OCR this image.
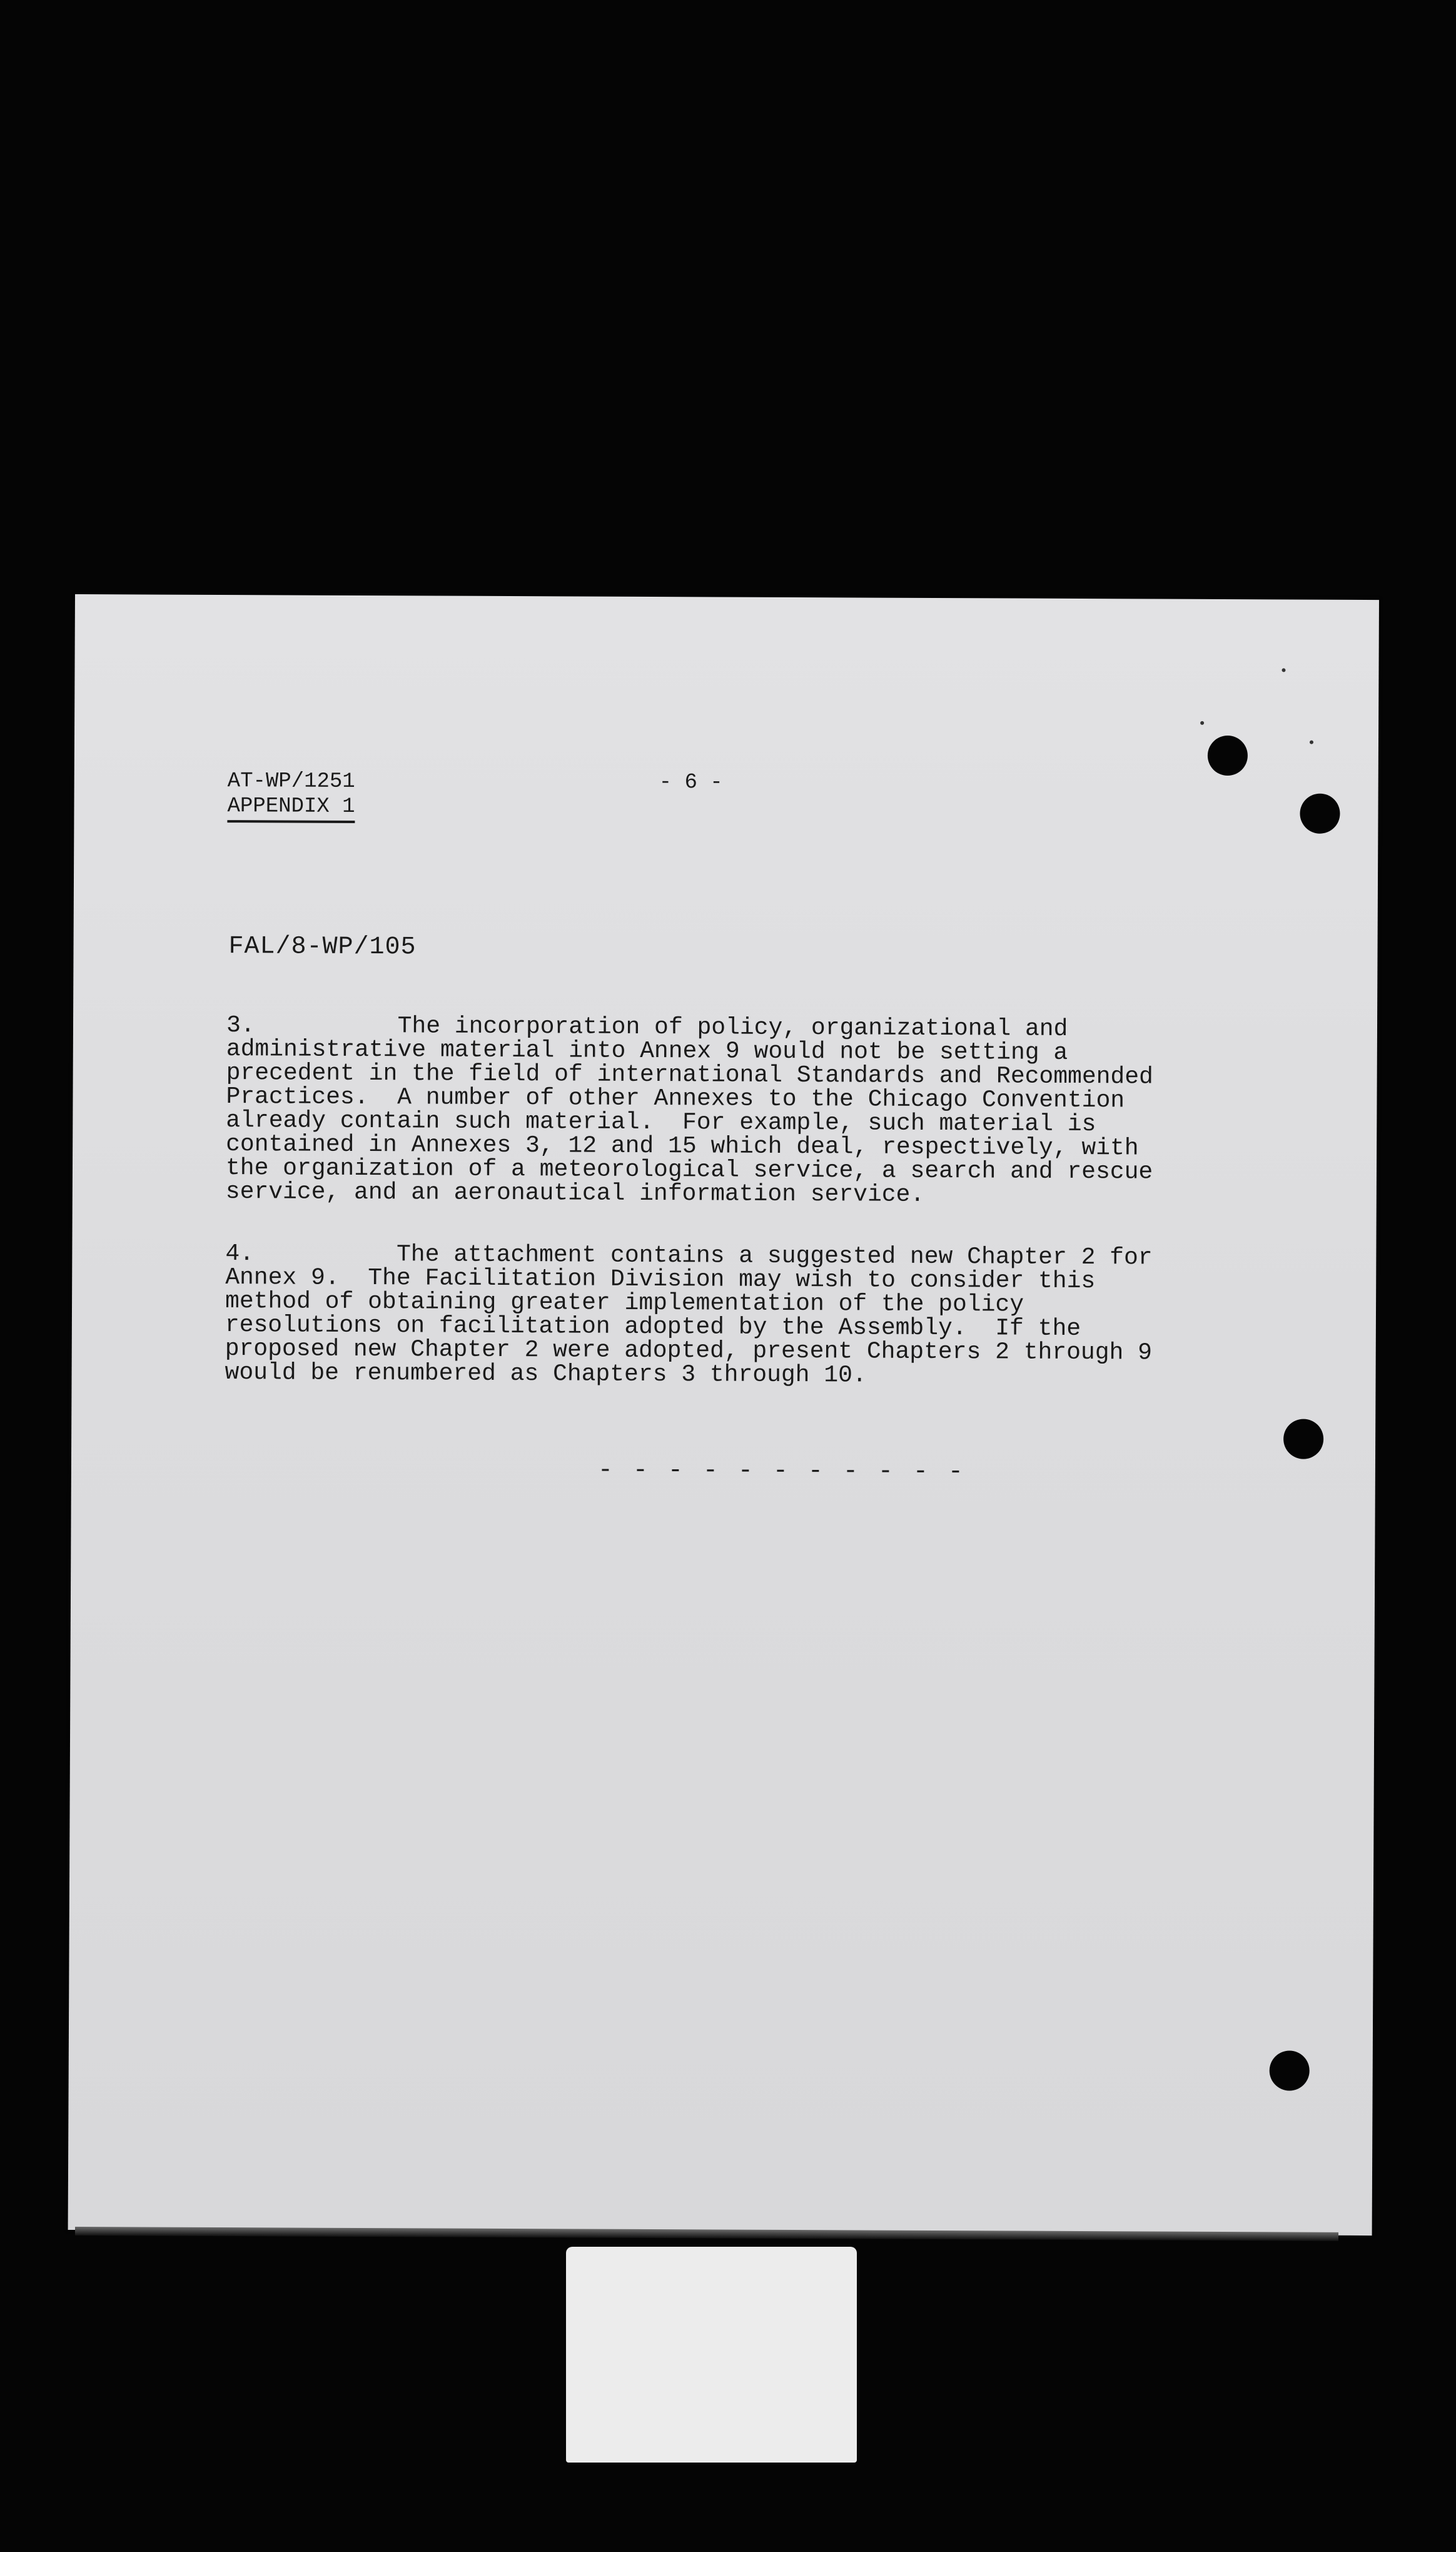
AT-WP/1251
APPENDIX 1
- 6 -
FAL/8-WP/105
3.          The incorporation of policy, organizational and
administrative material into Annex 9 would not be setting a
precedent in the field of international Standards and Recommended
Practices.  A number of other Annexes to the Chicago Convention
already contain such material.  For example, such material is
contained in Annexes 3, 12 and 15 which deal, respectively, with
the organization of a meteorological service, a search and rescue
service, and an aeronautical information service.
4.          The attachment contains a suggested new Chapter 2 for
Annex 9.  The Facilitation Division may wish to consider this
method of obtaining greater implementation of the policy
resolutions on facilitation adopted by the Assembly.  If the
proposed new Chapter 2 were adopted, present Chapters 2 through 9
would be renumbered as Chapters 3 through 10.
- - - - - - - - - - -
